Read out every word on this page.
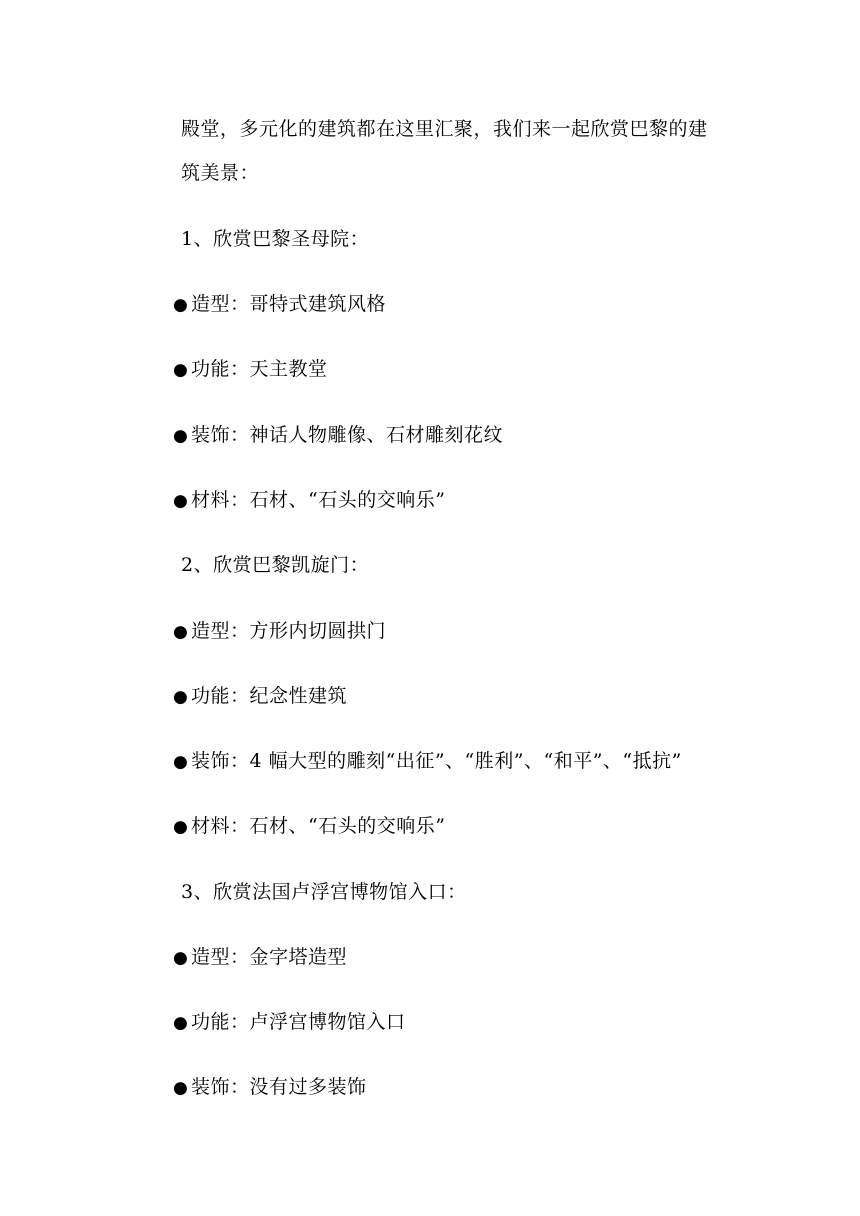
殿堂，多元化的建筑都在这里汇聚，我们来一起欣赏巴黎的建
筑美景：
1、欣赏巴黎圣母院：
● 造型：哥特式建筑风格
● 功能：天主教堂
● 装饰：神话人物雕像、石材雕刻花纹
● 材料：石材、“石头的交响乐”
2、欣赏巴黎凯旋门：
● 造型：方形内切圆拱门
● 功能：纪念性建筑
● 装饰：4 幅大型的雕刻“出征”、“胜利”、“和平”、“抵抗”
● 材料：石材、“石头的交响乐”
3、欣赏法国卢浮宫博物馆入口：
● 造型：金字塔造型
● 功能：卢浮宫博物馆入口
● 装饰：没有过多装饰
